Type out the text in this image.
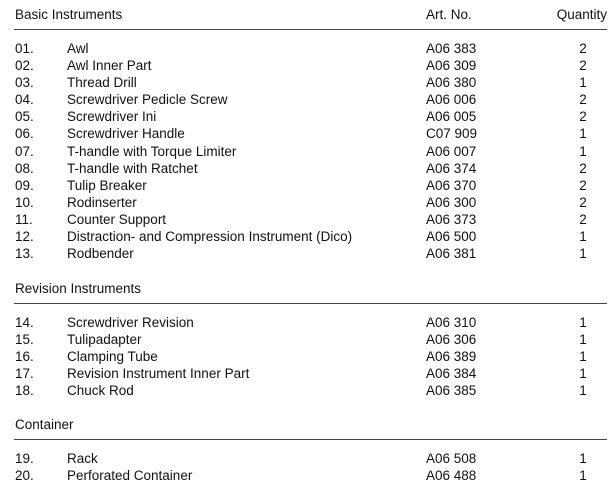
Basic Instruments	Art. No.	Quantity
01. Awl	A06 383	2
02. Awl Inner Part	A06 309	2
03. Thread Drill	A06 380	1
04. Screwdriver Pedicle Screw	A06 006	2
05. Screwdriver Ini	A06 005	2
06. Screwdriver Handle	C07 909	1
07. T-handle with Torque Limiter	A06 007	1
08. T-handle with Ratchet	A06 374	2
09. Tulip Breaker	A06 370	2
10. Rodinserter	A06 300	2
11.	Counter Support	A06 373	2
12. Distraction- and Compression Instrument (Dico)	A06 500	1
13. Rodbender	A06 381	1
Revision Instruments
14. Screwdriver Revision	A06 310	1
15. Tulipadapter	A06 306	1
16. Clamping Tube	A06 389	1
17. Revision Instrument Inner Part	A06 384	1
18. Chuck Rod	A06 385	1
Container
19. Rack	A06 508	1
20. Perforated Container	A06 488	1
